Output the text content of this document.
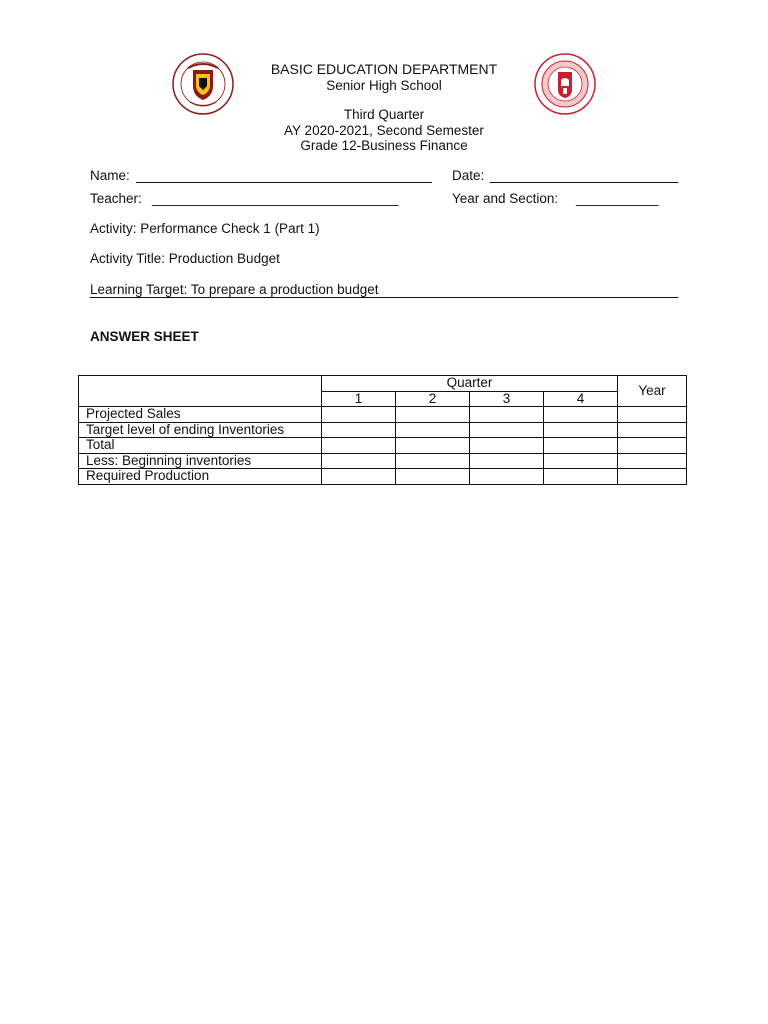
BASIC EDUCATION DEPARTMENT
Senior High School
Third Quarter
AY 2020-2021, Second Semester
Grade 12-Business Finance
Name:	Date:
Teacher: ________________________________	Year and Section: ___________
Activity: Performance Check 1 (Part 1)
Activity Title: Production Budget
Learning Target: To prepare a production budget
ANSWER SHEET
	Quarter				Year
	1	2	3	4	
Projected Sales					
Target level of ending Inventories					
Total					
Less: Beginning inventories					
Required Production					
